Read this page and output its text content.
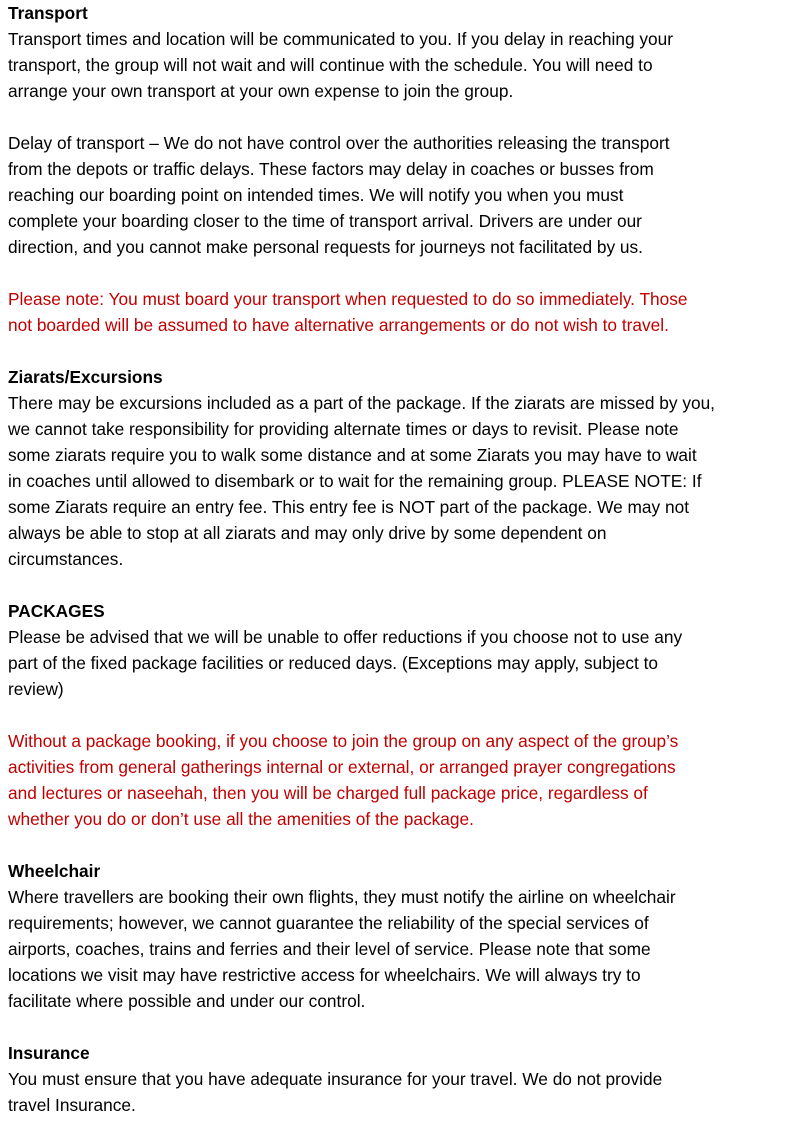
Transport
Transport times and location will be communicated to you. If you delay in reaching your
transport, the group will not wait and will continue with the schedule. You will need to
arrange your own transport at your own expense to join the group.
Delay of transport – We do not have control over the authorities releasing the transport
from the depots or traffic delays. These factors may delay in coaches or busses from
reaching our boarding point on intended times. We will notify you when you must
complete your boarding closer to the time of transport arrival. Drivers are under our
direction, and you cannot make personal requests for journeys not facilitated by us.
Please note: You must board your transport when requested to do so immediately. Those
not boarded will be assumed to have alternative arrangements or do not wish to travel.
Ziarats/Excursions
There may be excursions included as a part of the package. If the ziarats are missed by you,
we cannot take responsibility for providing alternate times or days to revisit. Please note
some ziarats require you to walk some distance and at some Ziarats you may have to wait
in coaches until allowed to disembark or to wait for the remaining group. PLEASE NOTE: If
some Ziarats require an entry fee. This entry fee is NOT part of the package. We may not
always be able to stop at all ziarats and may only drive by some dependent on
circumstances.
PACKAGES
Please be advised that we will be unable to offer reductions if you choose not to use any
part of the fixed package facilities or reduced days. (Exceptions may apply, subject to
review)
Without a package booking, if you choose to join the group on any aspect of the group’s
activities from general gatherings internal or external, or arranged prayer congregations
and lectures or naseehah, then you will be charged full package price, regardless of
whether you do or don’t use all the amenities of the package.
Wheelchair
Where travellers are booking their own flights, they must notify the airline on wheelchair
requirements; however, we cannot guarantee the reliability of the special services of
airports, coaches, trains and ferries and their level of service. Please note that some
locations we visit may have restrictive access for wheelchairs. We will always try to
facilitate where possible and under our control.
Insurance
You must ensure that you have adequate insurance for your travel. We do not provide
travel Insurance.
